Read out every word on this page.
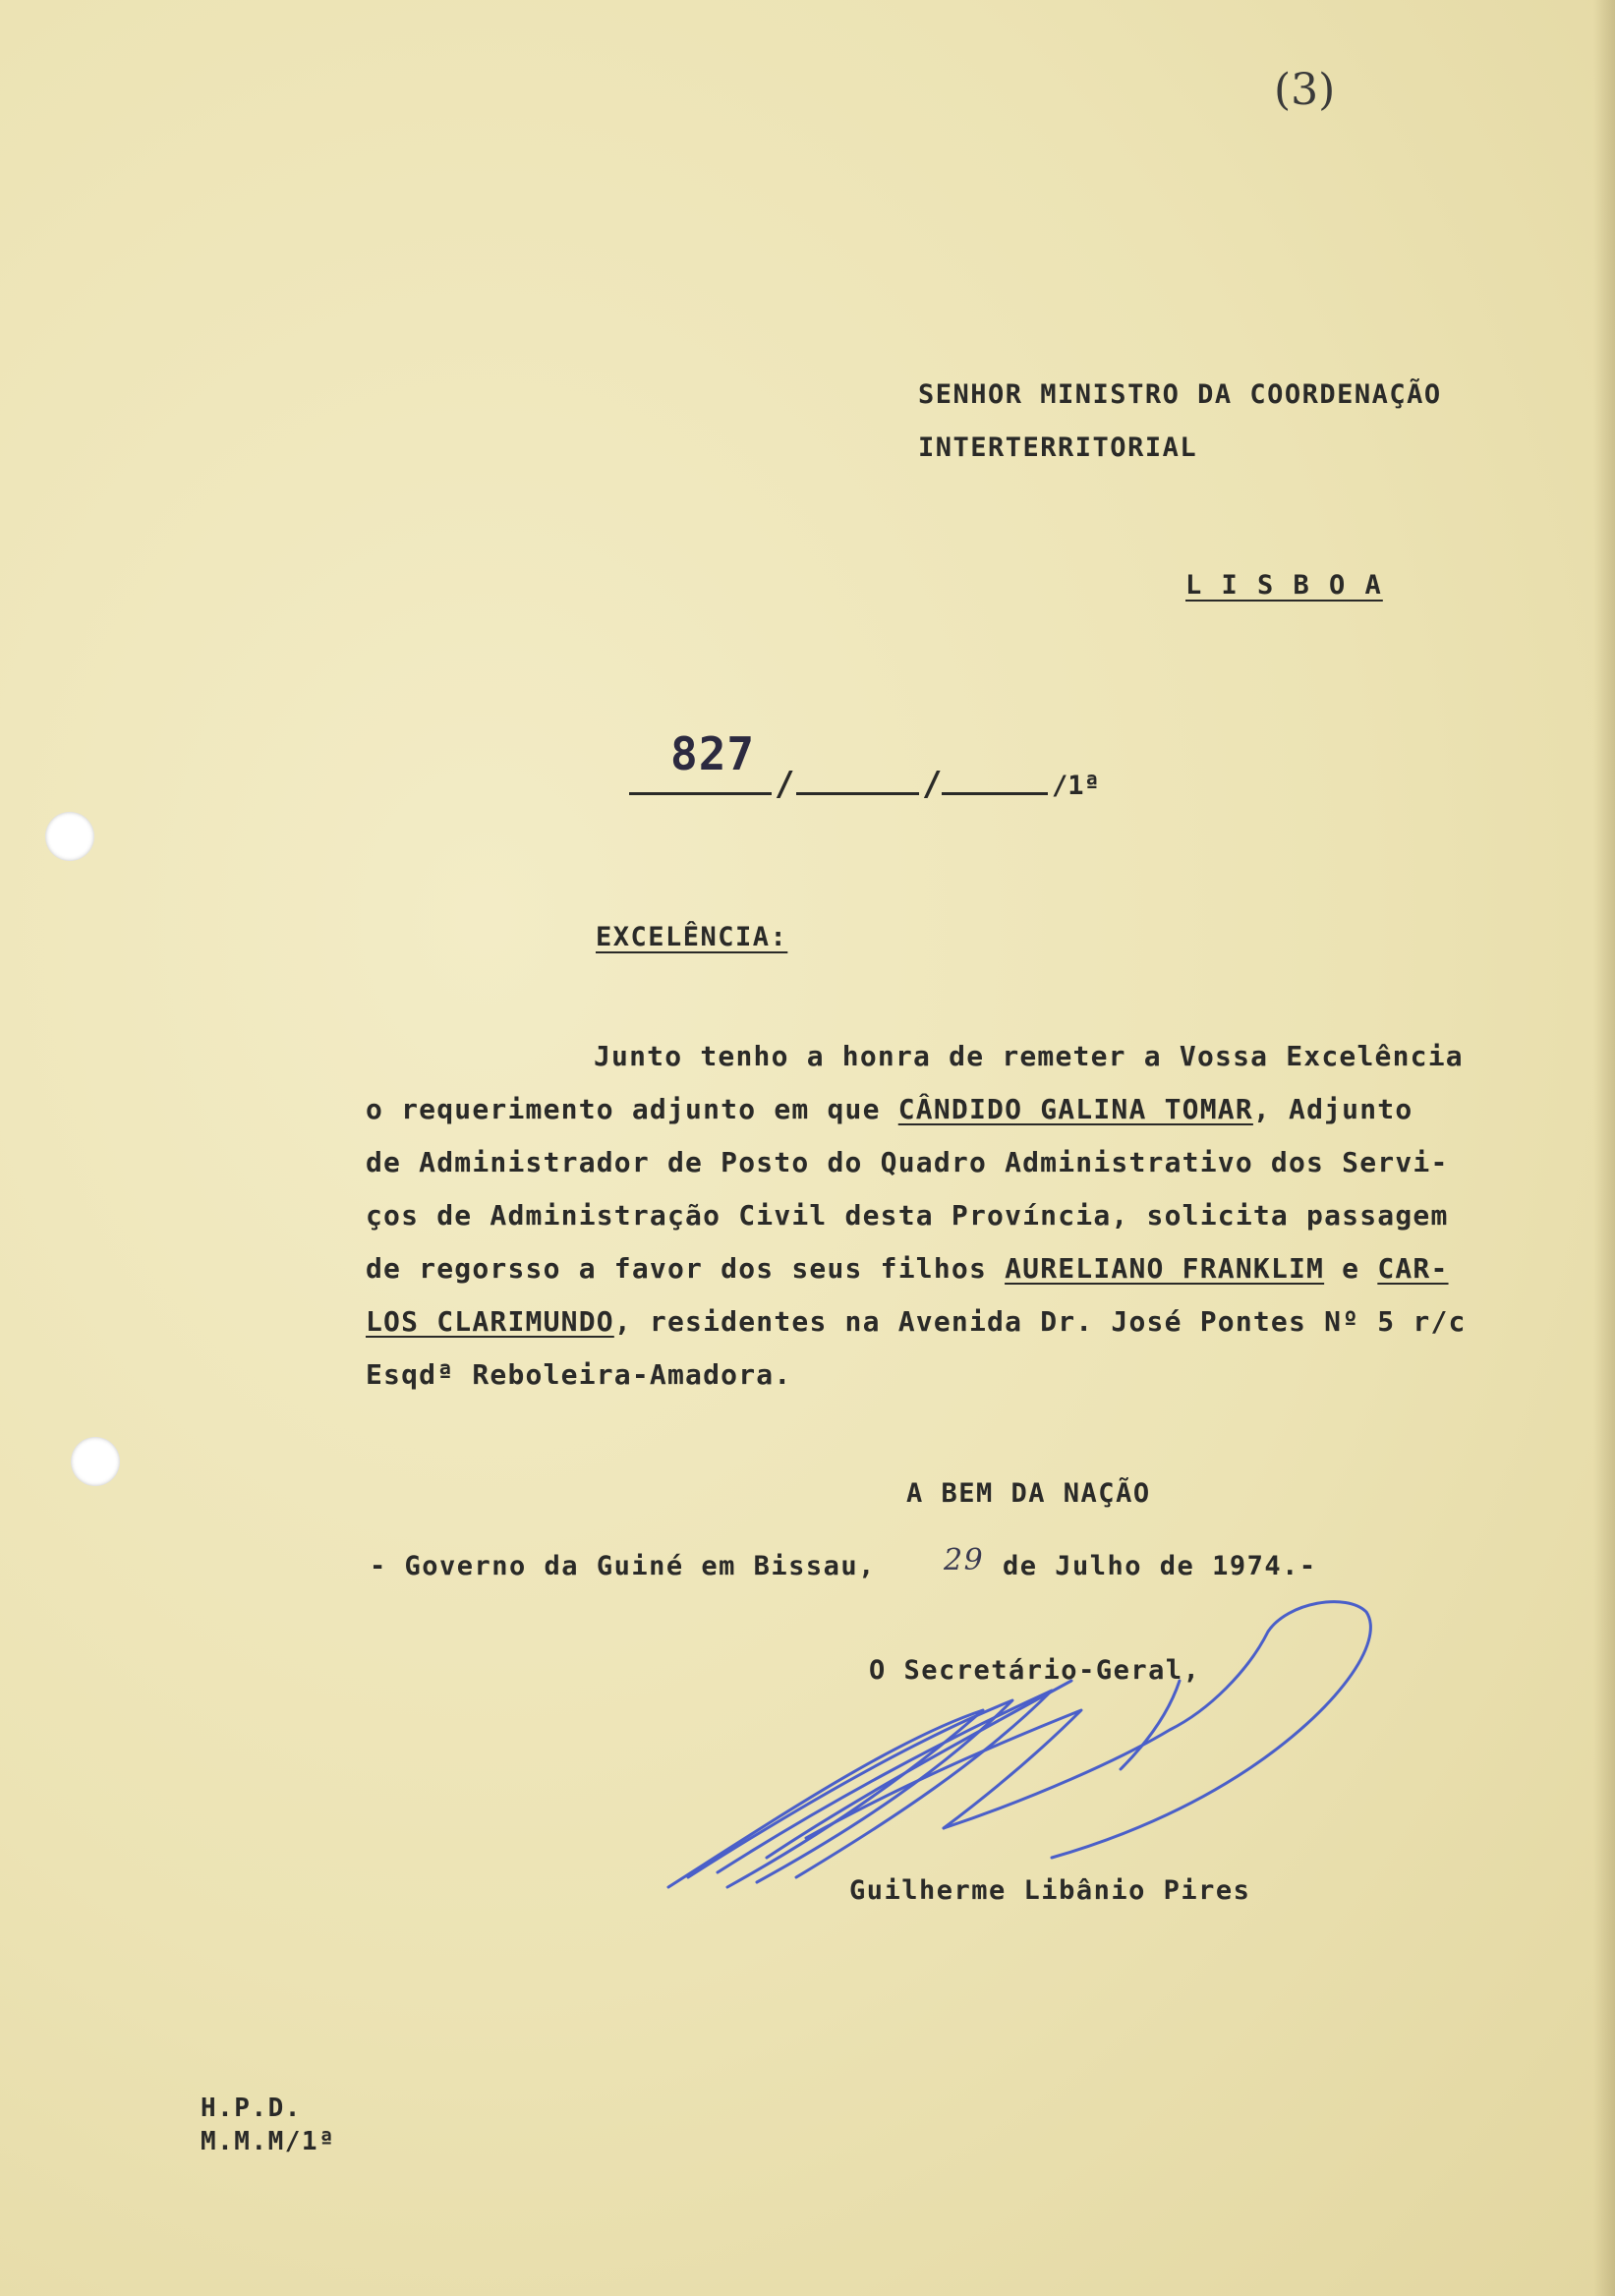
(3)
SENHOR MINISTRO DA COORDENAÇÃO
INTERTERRITORIAL
L I S B O A
827
/	/	/1ª
EXCELÊNCIA:
Junto tenho a honra de remeter a Vossa Excelência
o requerimento adjunto em que CÂNDIDO GALINA TOMAR, Adjunto
de Administrador de Posto do Quadro Administrativo dos Servi-
ços de Administração Civil desta Província, solicita passagem
de regorsso a favor dos seus filhos AURELIANO FRANKLIM e CAR-
LOS CLARIMUNDO, residentes na Avenida Dr. José Pontes Nº 5 r/c
Esqdª Reboleira-Amadora.
A BEM DA NAÇÃO
- Governo da Guiné em Bissau, 29 de Julho de 1974.-
O Secretário-Geral,
Guilherme Libânio Pires
H.P.D.
M.M.M/1ª
